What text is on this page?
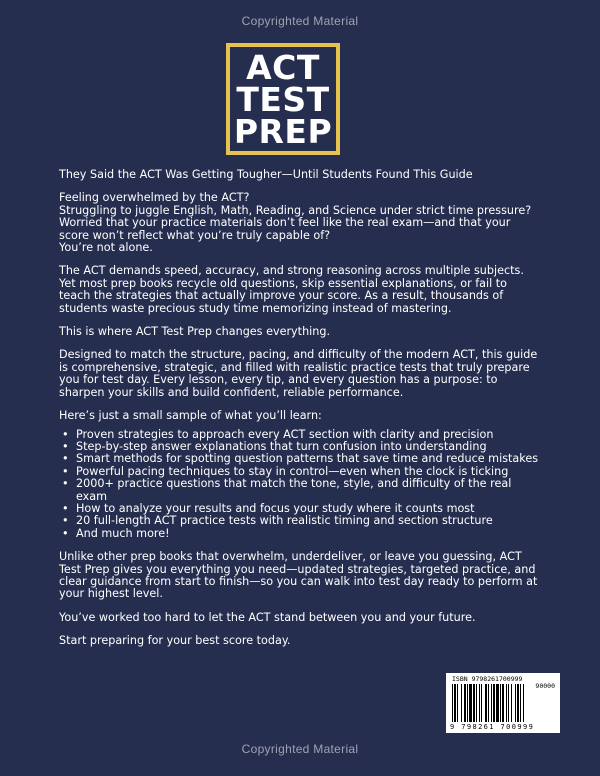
Copyrighted Material
ACT
TEST
PREP

They Said the ACT Was Getting Tougher—Until Students Found This Guide

Feeling overwhelmed by the ACT?
Struggling to juggle English, Math, Reading, and Science under strict time pressure?
Worried that your practice materials don’t feel like the real exam—and that your score won’t reflect what you’re truly capable of?
You’re not alone.

The ACT demands speed, accuracy, and strong reasoning across multiple subjects. Yet most prep books recycle old questions, skip essential explanations, or fail to teach the strategies that actually improve your score. As a result, thousands of students waste precious study time memorizing instead of mastering.

This is where ACT Test Prep changes everything.

Designed to match the structure, pacing, and difficulty of the modern ACT, this guide is comprehensive, strategic, and filled with realistic practice tests that truly prepare you for test day. Every lesson, every tip, and every question has a purpose: to sharpen your skills and build confident, reliable performance.

Here’s just a small sample of what you’ll learn:

• Proven strategies to approach every ACT section with clarity and precision
• Step-by-step answer explanations that turn confusion into understanding
• Smart methods for spotting question patterns that save time and reduce mistakes
• Powerful pacing techniques to stay in control—even when the clock is ticking
• 2000+ practice questions that match the tone, style, and difficulty of the real exam
• How to analyze your results and focus your study where it counts most
• 20 full-length ACT practice tests with realistic timing and section structure
• And much more!

Unlike other prep books that overwhelm, underdeliver, or leave you guessing, ACT Test Prep gives you everything you need—updated strategies, targeted practice, and clear guidance from start to finish—so you can walk into test day ready to perform at your highest level.

You’ve worked too hard to let the ACT stand between you and your future.

Start preparing for your best score today.

ISBN 9798261700999
90000
9 798261 700999
Copyrighted Material
